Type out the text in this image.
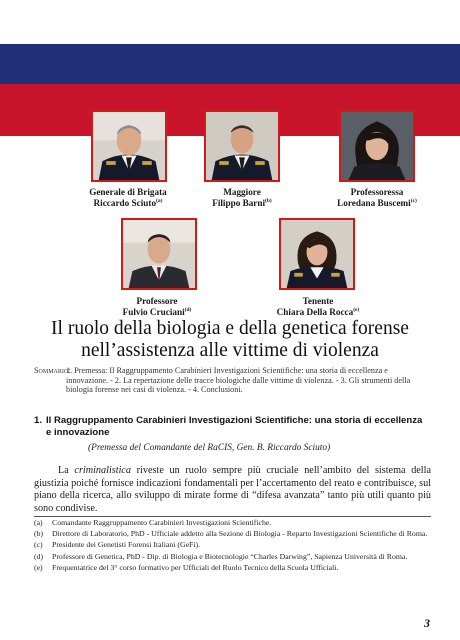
Generale di Brigata
Riccardo Sciuto$^{(a)}$
Maggiore
Filippo Barni$^{(b)}$
Professoressa
Loredana Buscemi$^{(c)}$
Professore
Fulvio Cruciani$^{(d)}$
Tenente
Chiara Della Rocca$^{(e)}$
Il ruolo della biologia e della genetica forense
nell’assistenza alle vittime di violenza
Sommario:
1. Premessa: Il Raggruppamento Carabinieri Investigazioni Scientifiche: una storia di eccellenza e innovazione. - 2. La repertazione delle tracce biologiche dalle vittime di violenza. - 3. Gli strumenti della biologia forense nei casi di violenza. - 4. Conclusioni.
1. Il Raggruppamento Carabinieri Investigazioni Scientifiche: una storia di eccellenza e innovazione
(Premessa del Comandante del RaCIS, Gen. B. Riccardo Sciuto)

La criminalistica riveste un ruolo sempre più cruciale nell’ambito del sistema della giustizia poiché fornisce indicazioni fondamentali per l’accertamento del reato e contribuisce, sul piano della ricerca, allo sviluppo di mirate forme di “difesa avanzata” tanto più utili quanto più sono condivise.

(a) Comandante Raggruppamento Carabinieri Investigazioni Scientifiche.
(b) Direttore di Laboratorio, PhD - Ufficiale addetto alla Sezione di Biologia - Reparto Investigazioni Scientifiche di Roma.
(c) Presidente dei Genetisti Forensi Italiani (GeFi).
(d) Professore di Genetica, PhD - Dip. di Biologia e Biotecnologie “Charles Darwing”, Sapienza Università di Roma.
(e) Frequentatrice del 3° corso formativo per Ufficiali del Ruolo Tecnico della Scuola Ufficiali.
3
